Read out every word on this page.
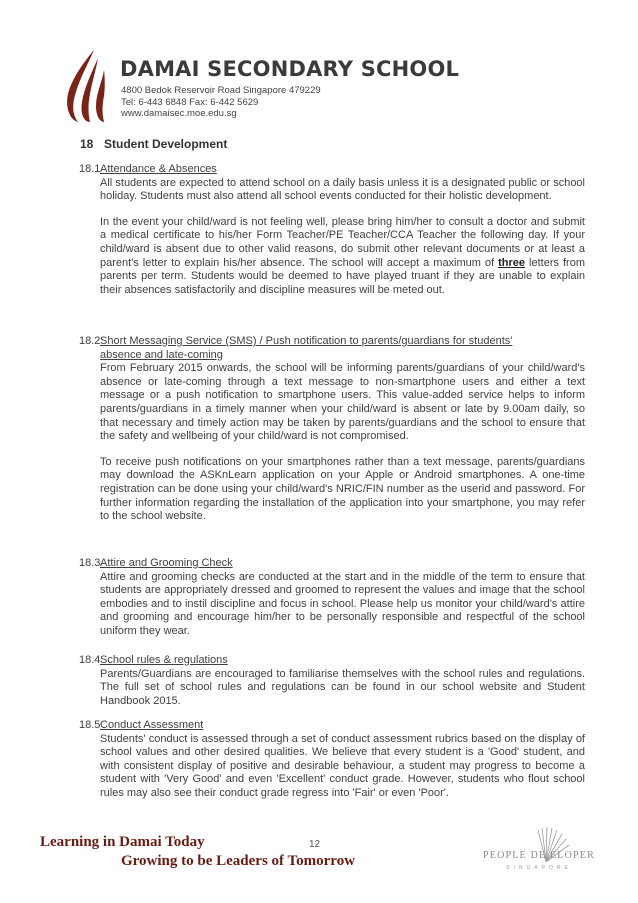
DAMAI SECONDARY SCHOOL
4800 Bedok Reservoir Road Singapore 479229
Tel: 6-443 6848 Fax: 6-442 5629
www.damaisec.moe.edu.sg
18 Student Development
18.1Attendance & Absences
All students are expected to attend school on a daily basis unless it is a designated public or school holiday. Students must also attend all school events conducted for their holistic development.
In the event your child/ward is not feeling well, please bring him/her to consult a doctor and submit a medical certificate to his/her Form Teacher/PE Teacher/CCA Teacher the following day. If your child/ward is absent due to other valid reasons, do submit other relevant documents or at least a parent's letter to explain his/her absence. The school will accept a maximum of three letters from parents per term. Students would be deemed to have played truant if they are unable to explain their absences satisfactorily and discipline measures will be meted out.
18.2Short Messaging Service (SMS) / Push notification to parents/guardians for students'
absence and late-coming
From February 2015 onwards, the school will be informing parents/guardians of your child/ward's absence or late-coming through a text message to non-smartphone users and either a text message or a push notification to smartphone users. This value-added service helps to inform parents/guardians in a timely manner when your child/ward is absent or late by 9.00am daily, so that necessary and timely action may be taken by parents/guardians and the school to ensure that the safety and wellbeing of your child/ward is not compromised.
To receive push notifications on your smartphones rather than a text message, parents/guardians may download the ASKnLearn application on your Apple or Android smartphones. A one-time registration can be done using your child/ward's NRIC/FIN number as the userid and password. For further information regarding the installation of the application into your smartphone, you may refer to the school website.
18.3Attire and Grooming Check
Attire and grooming checks are conducted at the start and in the middle of the term to ensure that students are appropriately dressed and groomed to represent the values and image that the school embodies and to instil discipline and focus in school. Please help us monitor your child/ward's attire and grooming and encourage him/her to be personally responsible and respectful of the school uniform they wear.
18.4School rules & regulations
Parents/Guardians are encouraged to familiarise themselves with the school rules and regulations. The full set of school rules and regulations can be found in our school website and Student Handbook 2015.
18.5Conduct Assessment
Students' conduct is assessed through a set of conduct assessment rubrics based on the display of school values and other desired qualities. We believe that every student is a 'Good' student, and with consistent display of positive and desirable behaviour, a student may progress to become a student with 'Very Good' and even 'Excellent' conduct grade. However, students who flout school rules may also see their conduct grade regress into 'Fair' or even 'Poor'.
Learning in Damai Today
Growing to be Leaders of Tomorrow
12
PEOPLE DE ELOPER
SINGAPORE
